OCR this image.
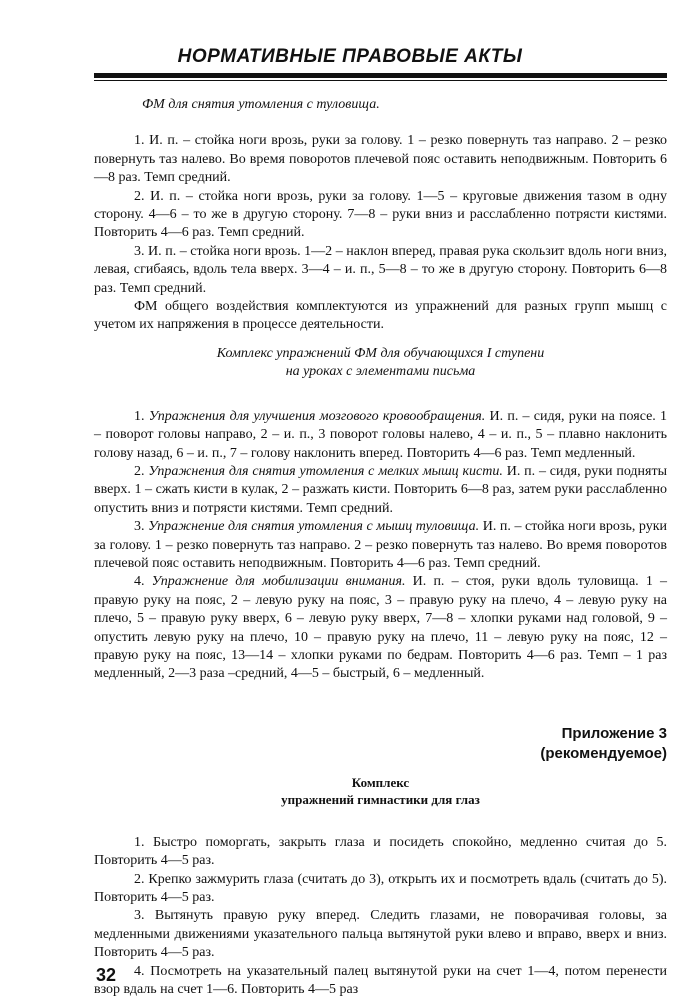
НОРМАТИВНЫЕ ПРАВОВЫЕ АКТЫ

ФМ для снятия утомления с туловища.

1. И. п. – стойка ноги врозь, руки за голову. 1 – резко повернуть таз направо. 2 – резко повернуть таз налево. Во время поворотов плечевой пояс оставить неподвижным. Повторить 6—8 раз. Темп средний.

2. И. п. – стойка ноги врозь, руки за голову. 1—5 – круговые движения тазом в одну сторону. 4—6 – то же в другую сторону. 7—8 – руки вниз и расслабленно потрясти кистями. Повторить 4—6 раз. Темп средний.

3. И. п. – стойка ноги врозь. 1—2 – наклон вперед, правая рука скользит вдоль ноги вниз, левая, сгибаясь, вдоль тела вверх. 3—4 – и. п., 5—8 – то же в другую сторону. Повторить 6—8 раз. Темп средний.

ФМ общего воздействия комплектуются из упражнений для разных групп мышц с учетом их напряжения в процессе деятельности.

Комплекс упражнений ФМ для обучающихся I ступени

на уроках с элементами письма

1. Упражнения для улучшения мозгового кровообращения. И. п. – сидя, руки на поясе. 1 – поворот головы направо, 2 – и. п., 3 поворот головы налево, 4 – и. п., 5 – плавно наклонить голову назад, 6 – и. п., 7 – голову наклонить вперед. Повторить 4—6 раз. Темп медленный.

2. Упражнения для снятия утомления с мелких мышц кисти. И. п. – сидя, руки подняты вверх. 1 – сжать кисти в кулак, 2 – разжать кисти. Повторить 6—8 раз, затем руки расслабленно опустить вниз и потрясти кистями. Темп средний.

3. Упражнение для снятия утомления с мышц туловища. И. п. – стойка ноги врозь, руки за голову. 1 – резко повернуть таз направо. 2 – резко повернуть таз налево. Во время поворотов плечевой пояс оставить неподвижным. Повторить 4—6 раз. Темп средний.

4. Упражнение для мобилизации внимания. И. п. – стоя, руки вдоль туловища. 1 – правую руку на пояс, 2 – левую руку на пояс, 3 – правую руку на плечо, 4 – левую руку на плечо, 5 – правую руку вверх, 6 – левую руку вверх, 7—8 – хлопки руками над головой, 9 – опустить левую руку на плечо, 10 – правую руку на плечо, 11 – левую руку на пояс, 12 – правую руку на пояс, 13—14 – хлопки руками по бедрам. Повторить 4—6 раз. Темп – 1 раз медленный, 2—3 раза –средний, 4—5 – быстрый, 6 – медленный.

Приложение 3

(рекомендуемое)

Комплекс

упражнений гимнастики для глаз

1. Быстро поморгать, закрыть глаза и посидеть спокойно, медленно считая до 5. Повторить 4—5 раз.

2. Крепко зажмурить глаза (считать до 3), открыть их и посмотреть вдаль (считать до 5). Повторить 4—5 раз.

3. Вытянуть правую руку вперед. Следить глазами, не поворачивая головы, за медленными движениями указательного пальца вытянутой руки влево и вправо, вверх и вниз. Повторить 4—5 раз.

4. Посмотреть на указательный палец вытянутой руки на счет 1—4, потом перенести взор вдаль на счет 1—6. Повторить 4—5 раз

32
